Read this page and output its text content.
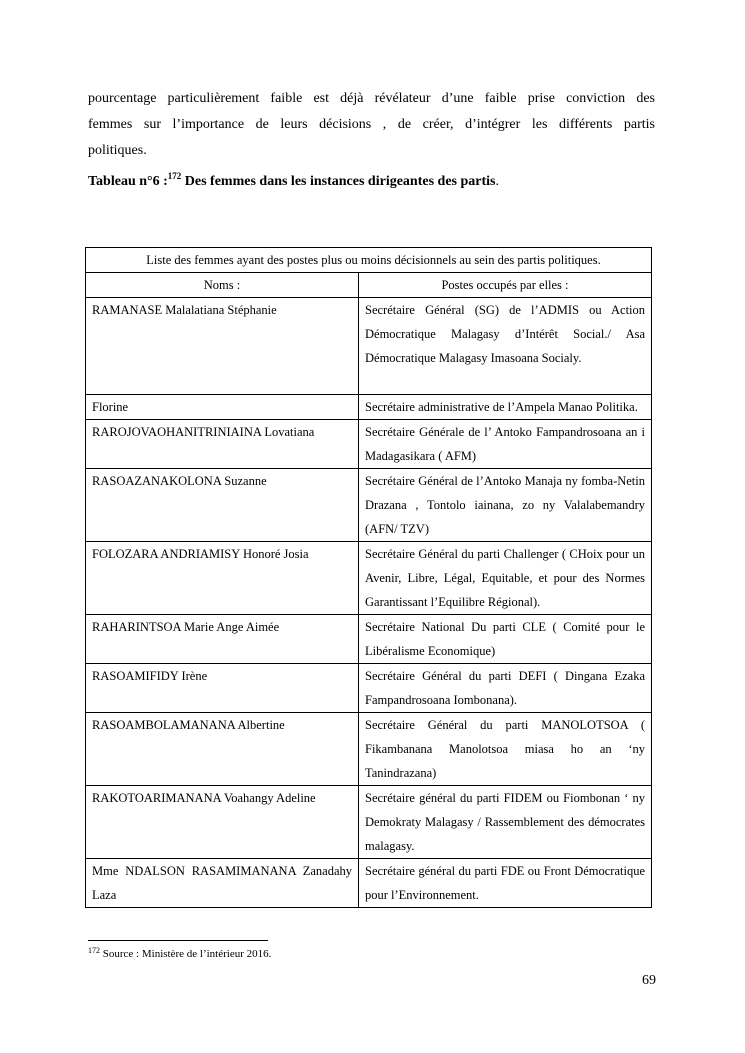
pourcentage particulièrement faible est déjà révélateur d’une faible prise conviction des
femmes sur l’importance de leurs décisions , de créer, d’intégrer les différents partis
politiques.

Tableau n°6 :$^{172}$ Des femmes dans les instances dirigeantes des partis.

Liste des femmes ayant des postes plus ou moins décisionnels au sein des partis politiques.	
Noms :	Postes occupés par elles :
RAMANASE Malalatiana Stéphanie	Secrétaire Général (SG) de l’ADMIS ou Action Démocratique Malagasy d’Intérêt Social./ Asa Démocratique Malagasy Imasoana Socialy.
Florine	Secrétaire administrative de l’Ampela Manao Politika.
RAROJOVAOHANITRINIAINA Lovatiana	Secrétaire Générale de l’ Antoko Fampandrosoana an i Madagasikara ( AFM)
RASOAZANAKOLONA Suzanne	Secrétaire Général de l’Antoko Manaja ny fomba-Netin Drazana , Tontolo iainana, zo ny Valalabemandry (AFN/ TZV)
FOLOZARA ANDRIAMISY Honoré Josia	Secrétaire Général du parti Challenger ( CHoix pour un Avenir, Libre, Légal, Equitable, et pour des Normes Garantissant l’Equilibre Régional).
RAHARINTSOA Marie Ange Aimée	Secrétaire National Du parti CLE ( Comité pour le Libéralisme Economique)
RASOAMIFIDY Irène	Secrétaire Général du parti DEFI ( Dingana Ezaka Fampandrosoana Iombonana).
RASOAMBOLAMANANA Albertine	Secrétaire Général du parti MANOLOTSOA ( Fikambanana Manolotsoa miasa ho an ‘ny Tanindrazana)
RAKOTOARIMANANA Voahangy Adeline	Secrétaire général du parti FIDEM ou Fiombonan ‘ ny Demokraty Malagasy / Rassemblement des démocrates malagasy.
Mme NDALSON RASAMIMANANA Zanadahy Laza	Secrétaire général du parti FDE ou Front Démocratique pour l’Environnement.
$^{172}$ Source : Ministère de l’intérieur 2016.
69
